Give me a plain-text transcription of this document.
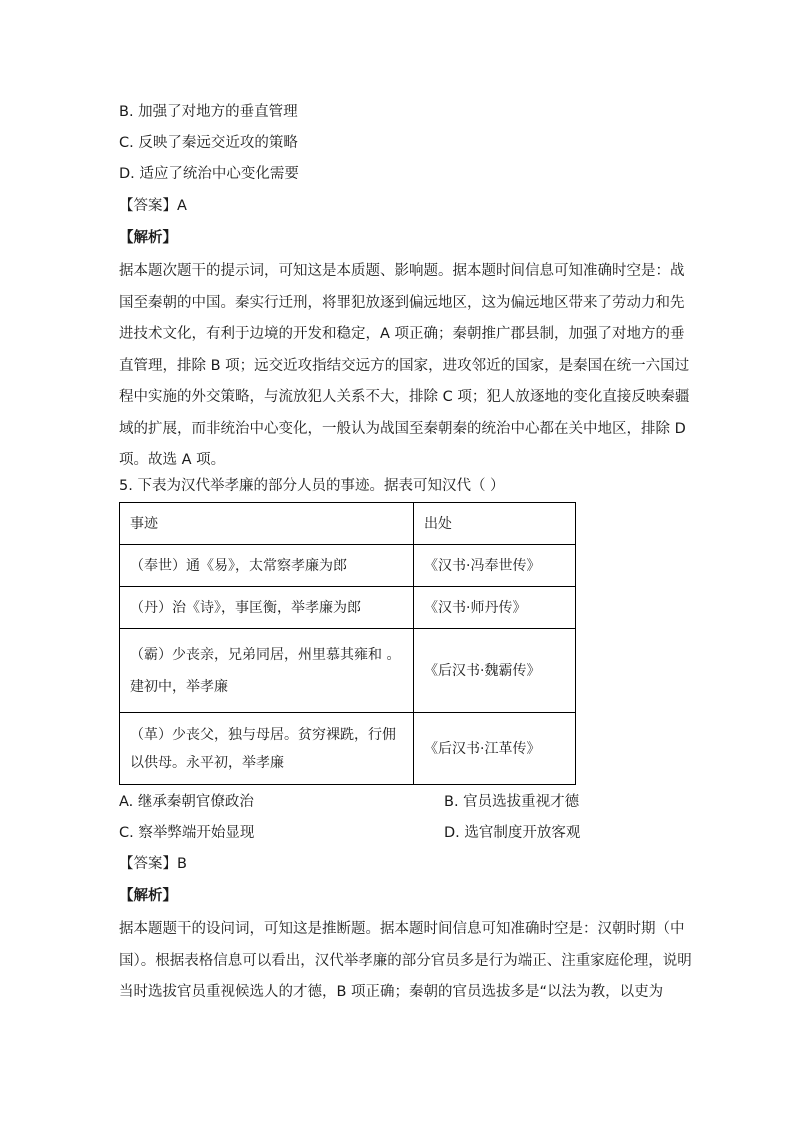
B. 加强了对地方的垂直管理
C. 反映了秦远交近攻的策略
D. 适应了统治中心变化需要
【答案】A
【解析】

据本题次题干的提示词，可知这是本质题、影响题。据本题时间信息可知准确时空是：战

国至秦朝的中国。秦实行迁刑，将罪犯放逐到偏远地区，这为偏远地区带来了劳动力和先

进技术文化，有利于边境的开发和稳定，A 项正确；秦朝推广郡县制，加强了对地方的垂

直管理，排除 B 项；远交近攻指结交远方的国家，进攻邻近的国家，是秦国在统一六国过

程中实施的外交策略，与流放犯人关系不大，排除 C 项；犯人放逐地的变化直接反映秦疆

域的扩展，而非统治中心变化，一般认为战国至秦朝秦的统治中心都在关中地区，排除 D

项。故选 A 项。

5. 下表为汉代举孝廉的部分人员的事迹。据表可知汉代（ ）
事迹	出处
（奉世）通《易》，太常察孝廉为郎	《汉书·冯奉世传》
（丹）治《诗》，事匡衡，举孝廉为郎	《汉书·师丹传》
（霸）少丧亲，兄弟同居，州里慕其雍和 。
建初中，举孝廉	《后汉书·魏霸传》
（革）少丧父，独与母居。贫穷裸跣，行佣
以供母。永平初，举孝廉	《后汉书·江革传》
A. 继承秦朝官僚政治	B. 官员选拔重视才德
C. 察举弊端开始显现	D. 选官制度开放客观
【答案】B
【解析】

据本题题干的设问词，可知这是推断题。据本题时间信息可知准确时空是：汉朝时期（中

国）。根据表格信息可以看出，汉代举孝廉的部分官员多是行为端正、注重家庭伦理，说明

当时选拔官员重视候选人的才德，B 项正确；秦朝的官员选拔多是“以法为教，以吏为
